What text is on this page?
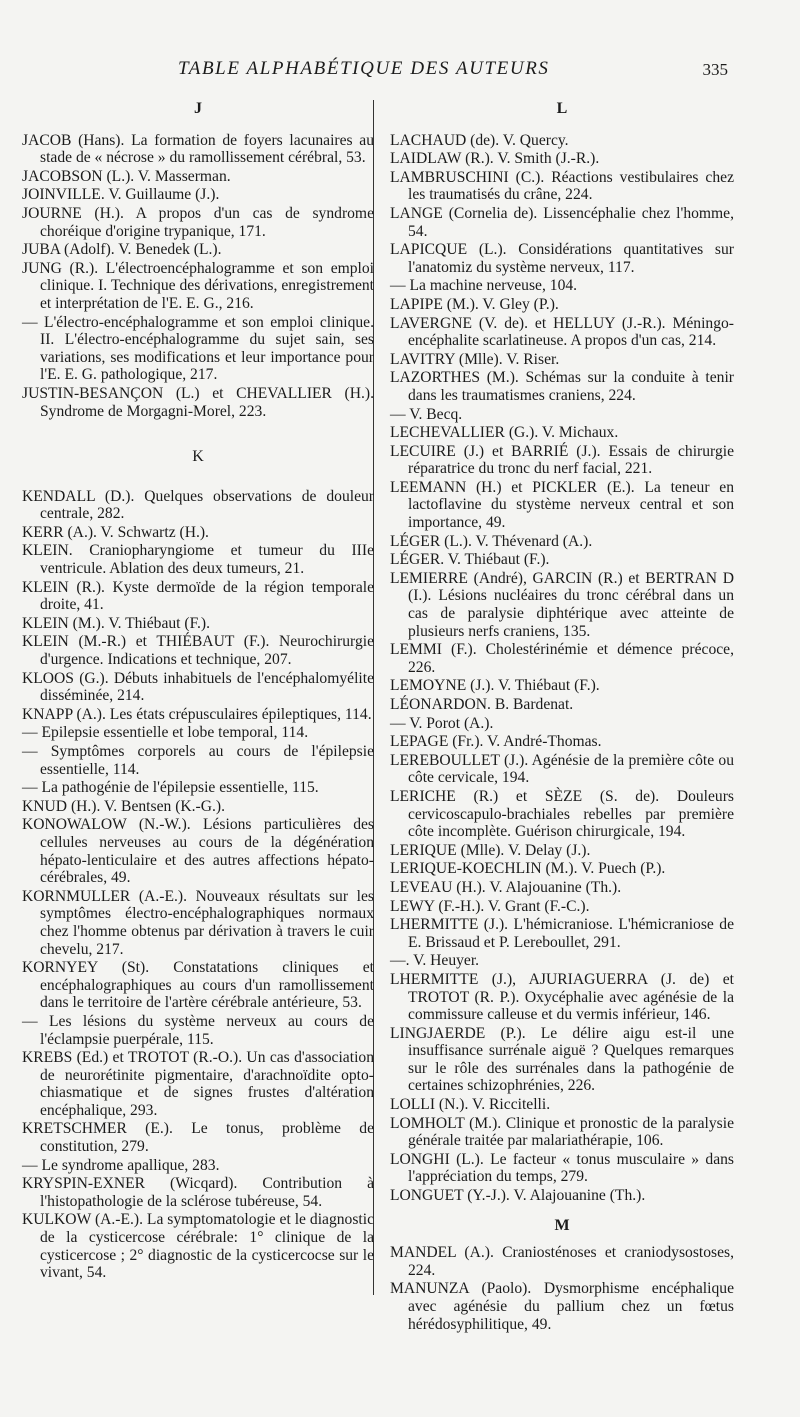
TABLE ALPHABÉTIQUE DES AUTEURS	335

J

JACOB (Hans). La formation de foyers lacunaires au stade de « nécrose » du ramollissement cérébral, 53.

JACOBSON (L.). V. Masserman.

JOINVILLE. V. Guillaume (J.).

JOURNE (H.). A propos d'un cas de syndrome choréique d'origine trypanique, 171.

JUBA (Adolf). V. Benedek (L.).

JUNG (R.). L'électroencéphalogramme et son emploi clinique. I. Technique des dérivations, enregistrement et interprétation de l'E. E. G., 216.

— L'électro-encéphalogramme et son emploi clinique. II. L'électro-encéphalogramme du sujet sain, ses variations, ses modifications et leur importance pour l'E. E. G. pathologique, 217.

JUSTIN-BESANÇON (L.) et CHEVALLIER (H.). Syndrome de Morgagni-Morel, 223.

K

KENDALL (D.). Quelques observations de douleur centrale, 282.

KERR (A.). V. Schwartz (H.).

KLEIN. Craniopharyngiome et tumeur du IIIe ventricule. Ablation des deux tumeurs, 21.

KLEIN (R.). Kyste dermoïde de la région temporale droite, 41.

KLEIN (M.). V. Thiébaut (F.).

KLEIN (M.-R.) et THIÉBAUT (F.). Neurochirurgie d'urgence. Indications et technique, 207.

KLOOS (G.). Débuts inhabituels de l'encéphalomyélite disséminée, 214.

KNAPP (A.). Les états crépusculaires épileptiques, 114.

— Epilepsie essentielle et lobe temporal, 114.

— Symptômes corporels au cours de l'épilepsie essentielle, 114.

— La pathogénie de l'épilepsie essentielle, 115.

KNUD (H.). V. Bentsen (K.-G.).

KONOWALOW (N.-W.). Lésions particulières des cellules nerveuses au cours de la dégénération hépato-lenticulaire et des autres affections hépato-cérébrales, 49.

KORNMULLER (A.-E.). Nouveaux résultats sur les symptômes électro-encéphalographiques normaux chez l'homme obtenus par dérivation à travers le cuir chevelu, 217.

KORNYEY (St). Constatations cliniques et encéphalographiques au cours d'un ramollissement dans le territoire de l'artère cérébrale antérieure, 53.

— Les lésions du système nerveux au cours de l'éclampsie puerpérale, 115.

KREBS (Ed.) et TROTOT (R.-O.). Un cas d'association de neurorétinite pigmentaire, d'arachnoïdite opto-chiasmatique et de signes frustes d'altération encéphalique, 293.

KRETSCHMER (E.). Le tonus, problème de constitution, 279.

— Le syndrome apallique, 283.

KRYSPIN-EXNER (Wicqard). Contribution à l'histopathologie de la sclérose tubéreuse, 54.

KULKOW (A.-E.). La symptomatologie et le diagnostic de la cysticercose cérébrale: 1° clinique de la cysticercose ; 2° diagnostic de la cysticercocse sur le vivant, 54.

L

LACHAUD (de). V. Quercy.

LAIDLAW (R.). V. Smith (J.-R.).

LAMBRUSCHINI (C.). Réactions vestibulaires chez les traumatisés du crâne, 224.

LANGE (Cornelia de). Lissencéphalie chez l'homme, 54.

LAPICQUE (L.). Considérations quantitatives sur l'anatomiz du système nerveux, 117.

— La machine nerveuse, 104.

LAPIPE (M.). V. Gley (P.).

LAVERGNE (V. de). et HELLUY (J.-R.). Méningo-encéphalite scarlatineuse. A propos d'un cas, 214.

LAVITRY (Mlle). V. Riser.

LAZORTHES (M.). Schémas sur la conduite à tenir dans les traumatismes craniens, 224.

— V. Becq.

LECHEVALLIER (G.). V. Michaux.

LECUIRE (J.) et BARRIÉ (J.). Essais de chirurgie réparatrice du tronc du nerf facial, 221.

LEEMANN (H.) et PICKLER (E.). La teneur en lactoflavine du stystème nerveux central et son importance, 49.

LÉGER (L.). V. Thévenard (A.).

LÉGER. V. Thiébaut (F.).

LEMIERRE (André), GARCIN (R.) et BERTRAN D (I.). Lésions nucléaires du tronc cérébral dans un cas de paralysie diphtérique avec atteinte de plusieurs nerfs craniens, 135.

LEMMI (F.). Cholestérinémie et démence précoce, 226.

LEMOYNE (J.). V. Thiébaut (F.).

LÉONARDON. B. Bardenat.

— V. Porot (A.).

LEPAGE (Fr.). V. André-Thomas.

LEREBOULLET (J.). Agénésie de la première côte ou côte cervicale, 194.

LERICHE (R.) et SÈZE (S. de). Douleurs cervicoscapulo-brachiales rebelles par première côte incomplète. Guérison chirurgicale, 194.

LERIQUE (Mlle). V. Delay (J.).

LERIQUE-KOECHLIN (M.). V. Puech (P.).

LEVEAU (H.). V. Alajouanine (Th.).

LEWY (F.-H.). V. Grant (F.-C.).

LHERMITTE (J.). L'hémicraniose. L'hémicraniose de E. Brissaud et P. Lereboullet, 291.

—. V. Heuyer.

LHERMITTE (J.), AJURIAGUERRA (J. de) et TROTOT (R. P.). Oxycéphalie avec agénésie de la commissure calleuse et du vermis inférieur, 146.

LINGJAERDE (P.). Le délire aigu est-il une insuffisance surrénale aiguë ? Quelques remarques sur le rôle des surrénales dans la pathogénie de certaines schizophrénies, 226.

LOLLI (N.). V. Riccitelli.

LOMHOLT (M.). Clinique et pronostic de la paralysie générale traitée par malariathérapie, 106.

LONGHI (L.). Le facteur « tonus musculaire » dans l'appréciation du temps, 279.

LONGUET (Y.-J.). V. Alajouanine (Th.).

M

MANDEL (A.). Craniosténoses et craniodysostoses, 224.

MANUNZA (Paolo). Dysmorphisme encéphalique avec agénésie du pallium chez un fœtus hérédosyphilitique, 49.
